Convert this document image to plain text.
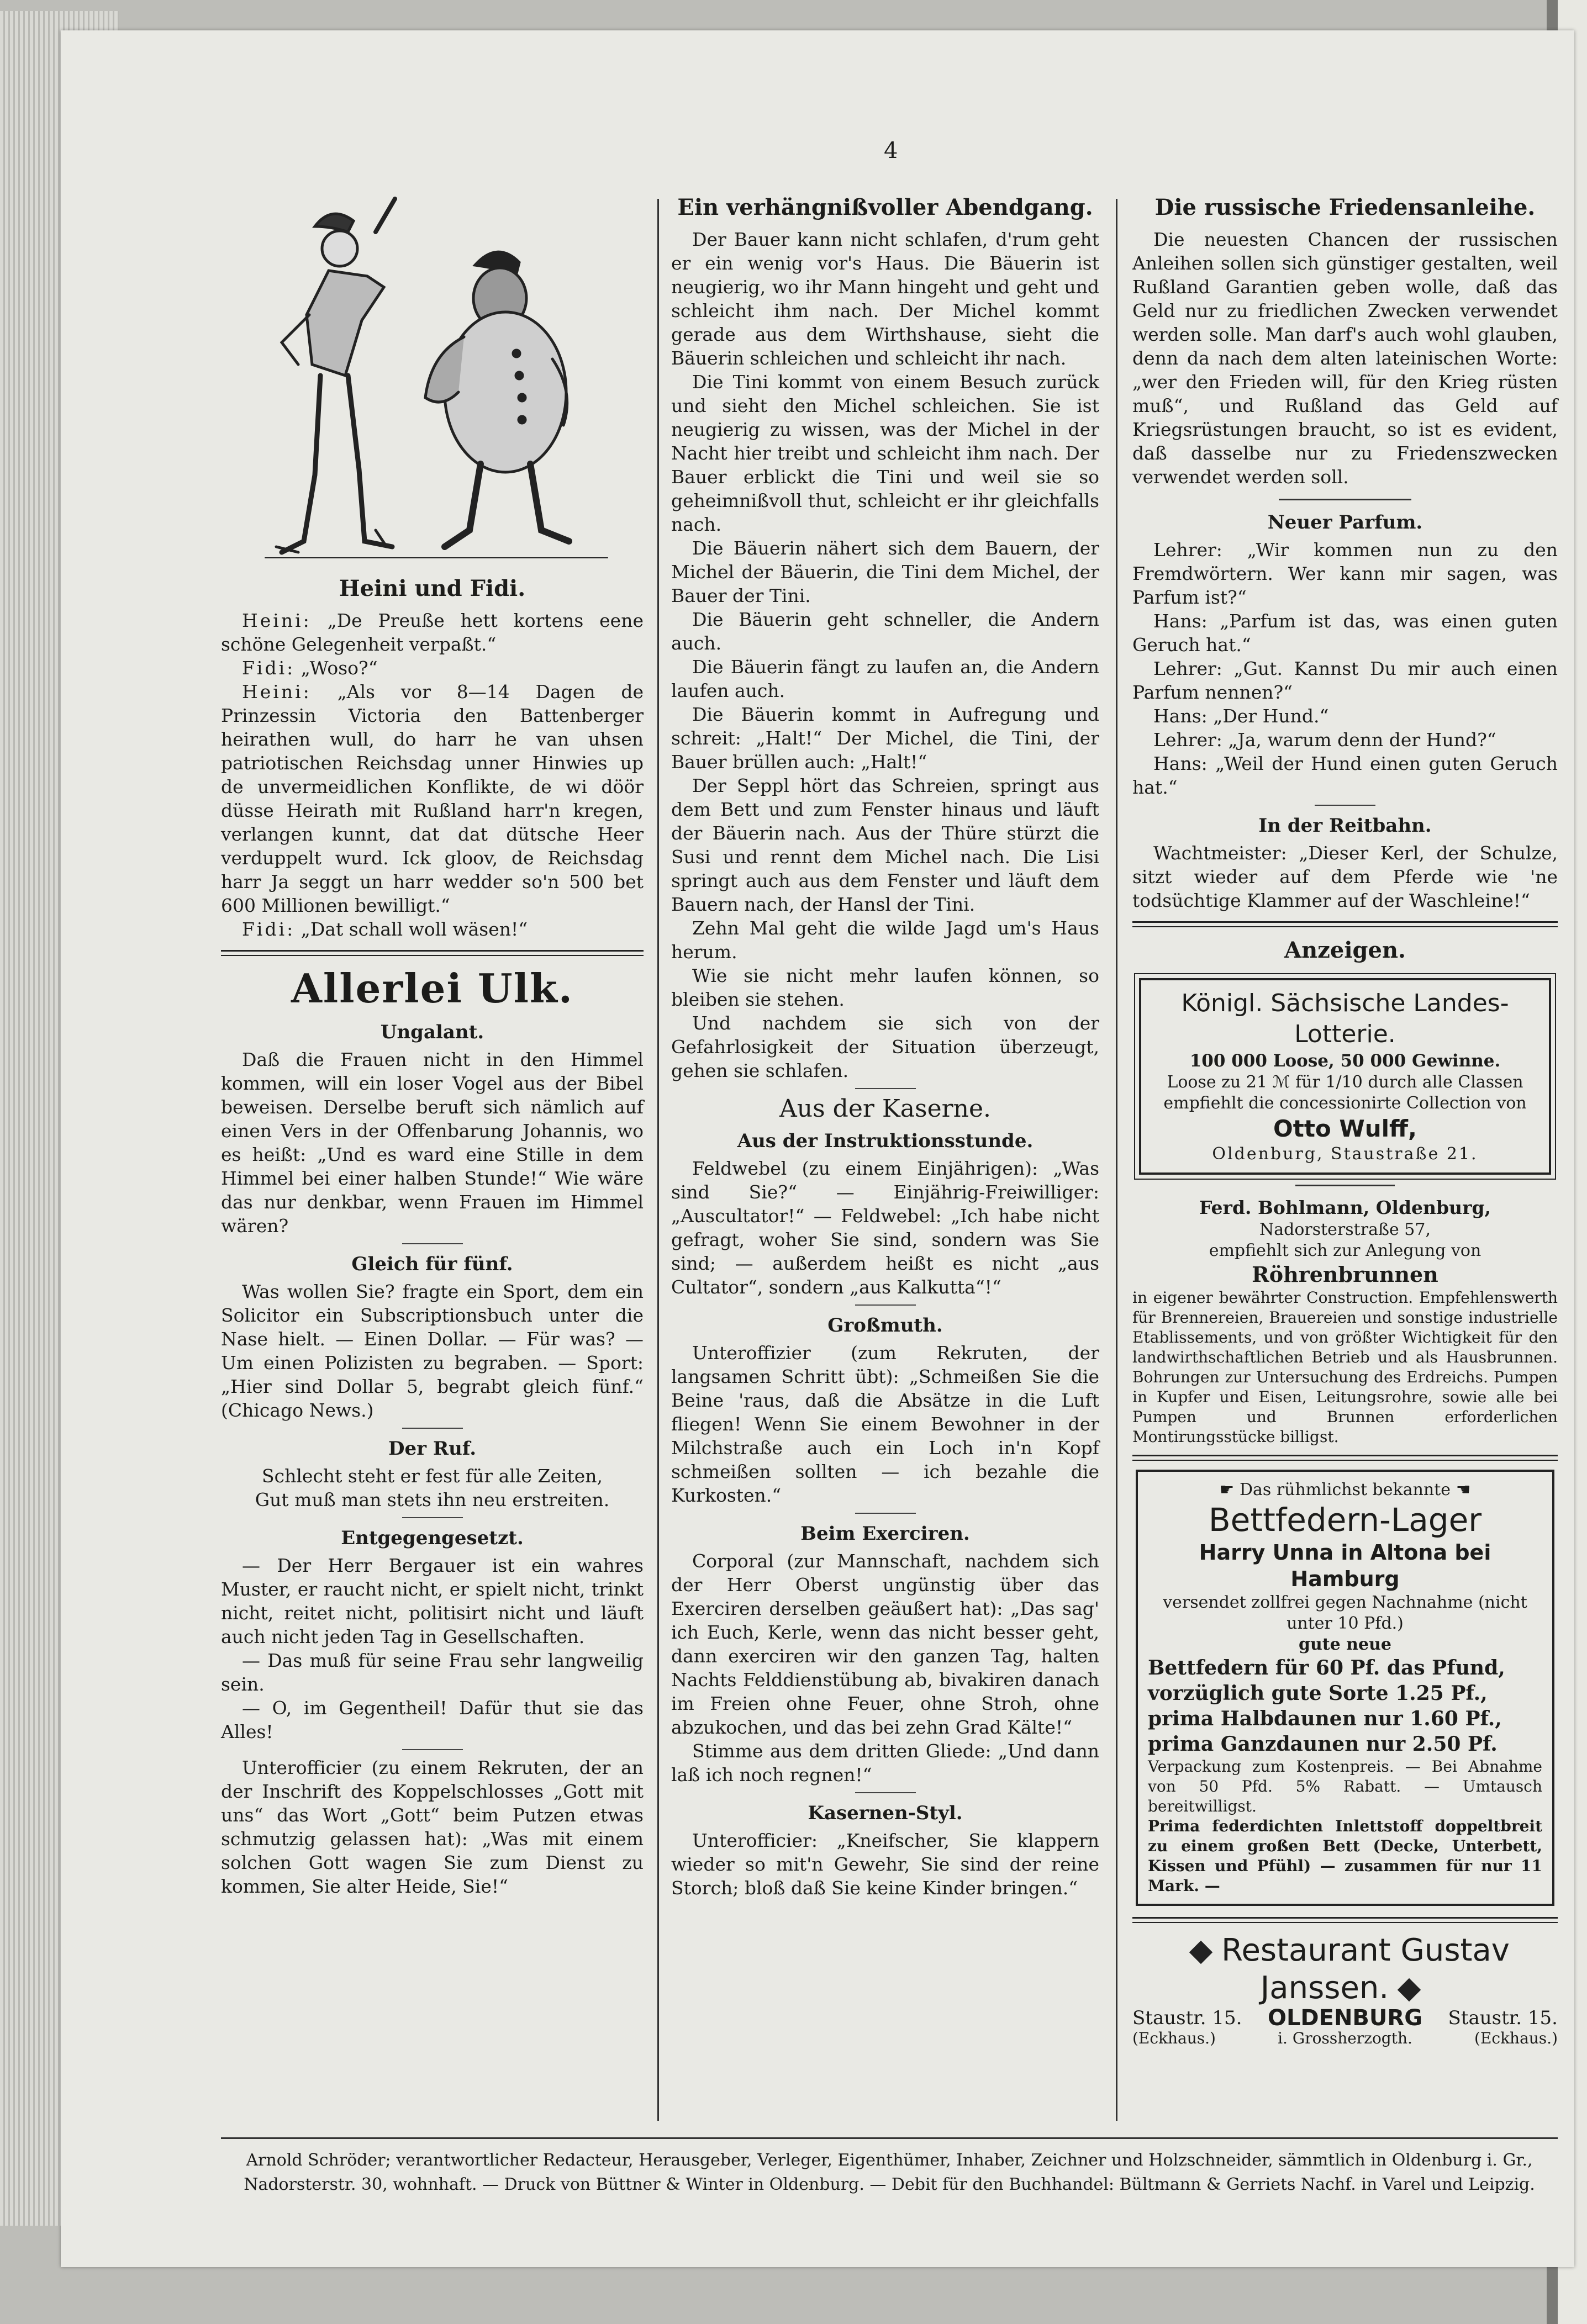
4
Heini und Fidi.

Heini: „De Preuße hett kortens eene schöne Gelegenheit verpaßt.“

Fidi: „Woso?“

Heini: „Als vor 8—14 Dagen de Prinzessin Victoria den Battenberger heirathen wull, do harr he van uhsen patriotischen Reichsdag unner Hinwies up de unvermeidlichen Konflikte, de wi döör düsse Heirath mit Rußland harr'n kregen, verlangen kunnt, dat dat dütsche Heer verduppelt wurd. Ick gloov, de Reichsdag harr Ja seggt un harr wedder so'n 500 bet 600 Millionen bewilligt.“

Fidi: „Dat schall woll wäsen!“

Allerlei Ulk.
Ungalant.

Daß die Frauen nicht in den Himmel kommen, will ein loser Vogel aus der Bibel beweisen. Derselbe beruft sich nämlich auf einen Vers in der Offenbarung Johannis, wo es heißt: „Und es ward eine Stille in dem Himmel bei einer halben Stunde!“ Wie wäre das nur denkbar, wenn Frauen im Himmel wären?

Gleich für fünf.

Was wollen Sie? fragte ein Sport, dem ein Solicitor ein Subscriptionsbuch unter die Nase hielt. — Einen Dollar. — Für was? — Um einen Polizisten zu begraben. — Sport: „Hier sind Dollar 5, begrabt gleich fünf.“ (Chicago News.)

Der Ruf.

Schlecht steht er fest für alle Zeiten,

Gut muß man stets ihn neu erstreiten.

Entgegengesetzt.

— Der Herr Bergauer ist ein wahres Muster, er raucht nicht, er spielt nicht, trinkt nicht, reitet nicht, politisirt nicht und läuft auch nicht jeden Tag in Gesellschaften.

— Das muß für seine Frau sehr langweilig sein.

— O, im Gegentheil! Dafür thut sie das Alles!

Unterofficier (zu einem Rekruten, der an der Inschrift des Koppelschlosses „Gott mit uns“ das Wort „Gott“ beim Putzen etwas schmutzig gelassen hat): „Was mit einem solchen Gott wagen Sie zum Dienst zu kommen, Sie alter Heide, Sie!“

Ein verhängnißvoller Abendgang.

Der Bauer kann nicht schlafen, d'rum geht er ein wenig vor's Haus. Die Bäuerin ist neugierig, wo ihr Mann hingeht und geht und schleicht ihm nach. Der Michel kommt gerade aus dem Wirthshause, sieht die Bäuerin schleichen und schleicht ihr nach.

Die Tini kommt von einem Besuch zurück und sieht den Michel schleichen. Sie ist neugierig zu wissen, was der Michel in der Nacht hier treibt und schleicht ihm nach. Der Bauer erblickt die Tini und weil sie so geheimnißvoll thut, schleicht er ihr gleichfalls nach.

Die Bäuerin nähert sich dem Bauern, der Michel der Bäuerin, die Tini dem Michel, der Bauer der Tini.

Die Bäuerin geht schneller, die Andern auch.

Die Bäuerin fängt zu laufen an, die Andern laufen auch.

Die Bäuerin kommt in Aufregung und schreit: „Halt!“ Der Michel, die Tini, der Bauer brüllen auch: „Halt!“

Der Seppl hört das Schreien, springt aus dem Bett und zum Fenster hinaus und läuft der Bäuerin nach. Aus der Thüre stürzt die Susi und rennt dem Michel nach. Die Lisi springt auch aus dem Fenster und läuft dem Bauern nach, der Hansl der Tini.

Zehn Mal geht die wilde Jagd um's Haus herum.

Wie sie nicht mehr laufen können, so bleiben sie stehen.

Und nachdem sie sich von der Gefahrlosigkeit der Situation überzeugt, gehen sie schlafen.

Aus der Kaserne.
Aus der Instruktionsstunde.

Feldwebel (zu einem Einjährigen): „Was sind Sie?“ — Einjährig-Freiwilliger: „Auscultator!“ — Feldwebel: „Ich habe nicht gefragt, woher Sie sind, sondern was Sie sind; — außerdem heißt es nicht „aus Cultator“, sondern „aus Kalkutta“!“

Großmuth.

Unteroffizier (zum Rekruten, der langsamen Schritt übt): „Schmeißen Sie die Beine 'raus, daß die Absätze in die Luft fliegen! Wenn Sie einem Bewohner in der Milchstraße auch ein Loch in'n Kopf schmeißen sollten — ich bezahle die Kurkosten.“

Beim Exerciren.

Corporal (zur Mannschaft, nachdem sich der Herr Oberst ungünstig über das Exerciren derselben geäußert hat): „Das sag' ich Euch, Kerle, wenn das nicht besser geht, dann exerciren wir den ganzen Tag, halten Nachts Felddienstübung ab, bivakiren danach im Freien ohne Feuer, ohne Stroh, ohne abzukochen, und das bei zehn Grad Kälte!“

Stimme aus dem dritten Gliede: „Und dann laß ich noch regnen!“

Kasernen-Styl.

Unterofficier: „Kneifscher, Sie klappern wieder so mit'n Gewehr, Sie sind der reine Storch; bloß daß Sie keine Kinder bringen.“

Die russische Friedensanleihe.

Die neuesten Chancen der russischen Anleihen sollen sich günstiger gestalten, weil Rußland Garantien geben wolle, daß das Geld nur zu friedlichen Zwecken verwendet werden solle. Man darf's auch wohl glauben, denn da nach dem alten lateinischen Worte: „wer den Frieden will, für den Krieg rüsten muß“, und Rußland das Geld auf Kriegsrüstungen braucht, so ist es evident, daß dasselbe nur zu Friedenszwecken verwendet werden soll.

Neuer Parfum.

Lehrer: „Wir kommen nun zu den Fremdwörtern. Wer kann mir sagen, was Parfum ist?“

Hans: „Parfum ist das, was einen guten Geruch hat.“

Lehrer: „Gut. Kannst Du mir auch einen Parfum nennen?“

Hans: „Der Hund.“

Lehrer: „Ja, warum denn der Hund?“

Hans: „Weil der Hund einen guten Geruch hat.“

In der Reitbahn.

Wachtmeister: „Dieser Kerl, der Schulze, sitzt wieder auf dem Pferde wie 'ne todsüchtige Klammer auf der Waschleine!“

Anzeigen.
Königl. Sächsische Landes-Lotterie.
100 000 Loose, 50 000 Gewinne.
Loose zu 21 ℳ für 1/10 durch alle Classen empfiehlt die concessionirte Collection von
Otto Wulff,
Oldenburg, Staustraße 21.
Ferd. Bohlmann, Oldenburg,
Nadorsterstraße 57,
empfiehlt sich zur Anlegung von
Röhrenbrunnen

in eigener bewährter Construction. Empfehlenswerth für Brennereien, Brauereien und sonstige industrielle Etablissements, und von größter Wichtigkeit für den landwirthschaftlichen Betrieb und als Hausbrunnen. Bohrungen zur Untersuchung des Erdreichs. Pumpen in Kupfer und Eisen, Leitungsrohre, sowie alle bei Pumpen und Brunnen erforderlichen Montirungsstücke billigst.

☛ Das rühmlichst bekannte ☚
Bettfedern-Lager
Harry Unna in Altona bei Hamburg
versendet zollfrei gegen Nachnahme (nicht unter 10 Pfd.)
gute neue
Bettfedern für 60 Pf. das Pfund,
vorzüglich gute Sorte 1.25 Pf.,
prima Halbdaunen nur 1.60 Pf.,
prima Ganzdaunen nur 2.50 Pf.
Verpackung zum Kostenpreis. — Bei Abnahme von 50 Pfd. 5% Rabatt. — Umtausch bereitwilligst.
Prima federdichten Inlettstoff doppeltbreit zu einem großen Bett (Decke, Unterbett, Kissen und Pfühl) — zusammen für nur 11 Mark. —
Restaurant Gustav Janssen.
Staustr. 15. OLDENBURG Staustr. 15.
(Eckhaus.)	i. Grossherzogth.	(Eckhaus.)
Arnold Schröder; verantwortlicher Redacteur, Herausgeber, Verleger, Eigenthümer, Inhaber, Zeichner und Holzschneider, sämmtlich in Oldenburg i. Gr.,
Nadorsterstr. 30, wohnhaft. — Druck von Büttner & Winter in Oldenburg. — Debit für den Buchhandel: Bültmann & Gerriets Nachf. in Varel und Leipzig.
